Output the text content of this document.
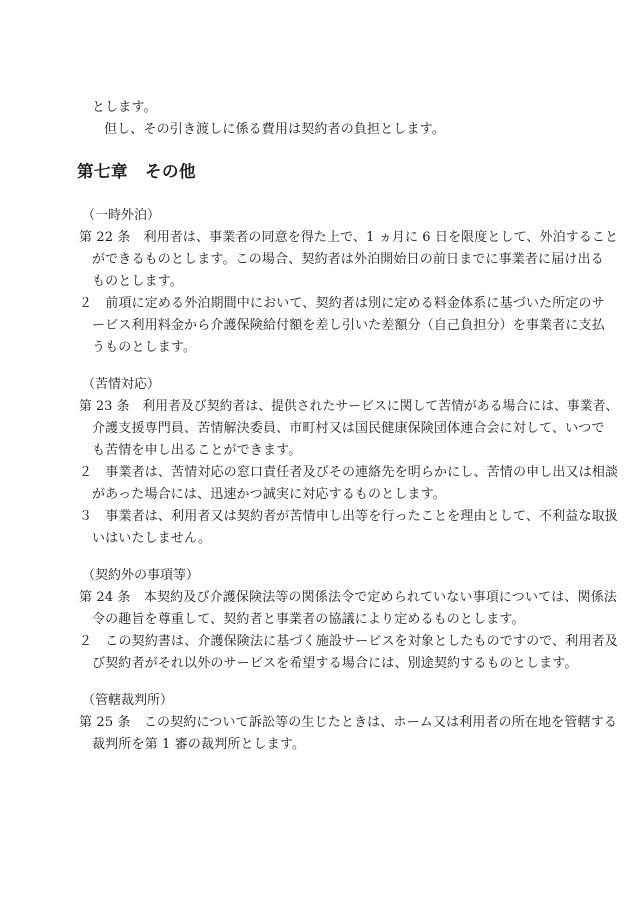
とします。
但し、その引き渡しに係る費用は契約者の負担とします。
第七章　その他
（一時外泊）
第 22 条　利用者は、事業者の同意を得た上で、1 ヵ月に 6 日を限度として、外泊すること
ができるものとします。この場合、契約者は外泊開始日の前日までに事業者に届け出る
ものとします。
２　前項に定める外泊期間中において、契約者は別に定める料金体系に基づいた所定のサ
ービス利用料金から介護保険給付額を差し引いた差額分（自己負担分）を事業者に支払
うものとします。
（苦情対応）
第 23 条　利用者及び契約者は、提供されたサービスに関して苦情がある場合には、事業者、
介護支援専門員、苦情解決委員、市町村又は国民健康保険団体連合会に対して、いつで
も苦情を申し出ることができます。
２　事業者は、苦情対応の窓口責任者及びその連絡先を明らかにし、苦情の申し出又は相談
があった場合には、迅速かつ誠実に対応するものとします。
３　事業者は、利用者又は契約者が苦情申し出等を行ったことを理由として、不利益な取扱
いはいたしません。
（契約外の事項等）
第 24 条　本契約及び介護保険法等の関係法令で定められていない事項については、関係法
令の趣旨を尊重して、契約者と事業者の協議により定めるものとします。
２　この契約書は、介護保険法に基づく施設サービスを対象としたものですので、利用者及
び契約者がそれ以外のサービスを希望する場合には、別途契約するものとします。
（管轄裁判所）
第 25 条　この契約について訴訟等の生じたときは、ホーム又は利用者の所在地を管轄する
裁判所を第 1 審の裁判所とします。
